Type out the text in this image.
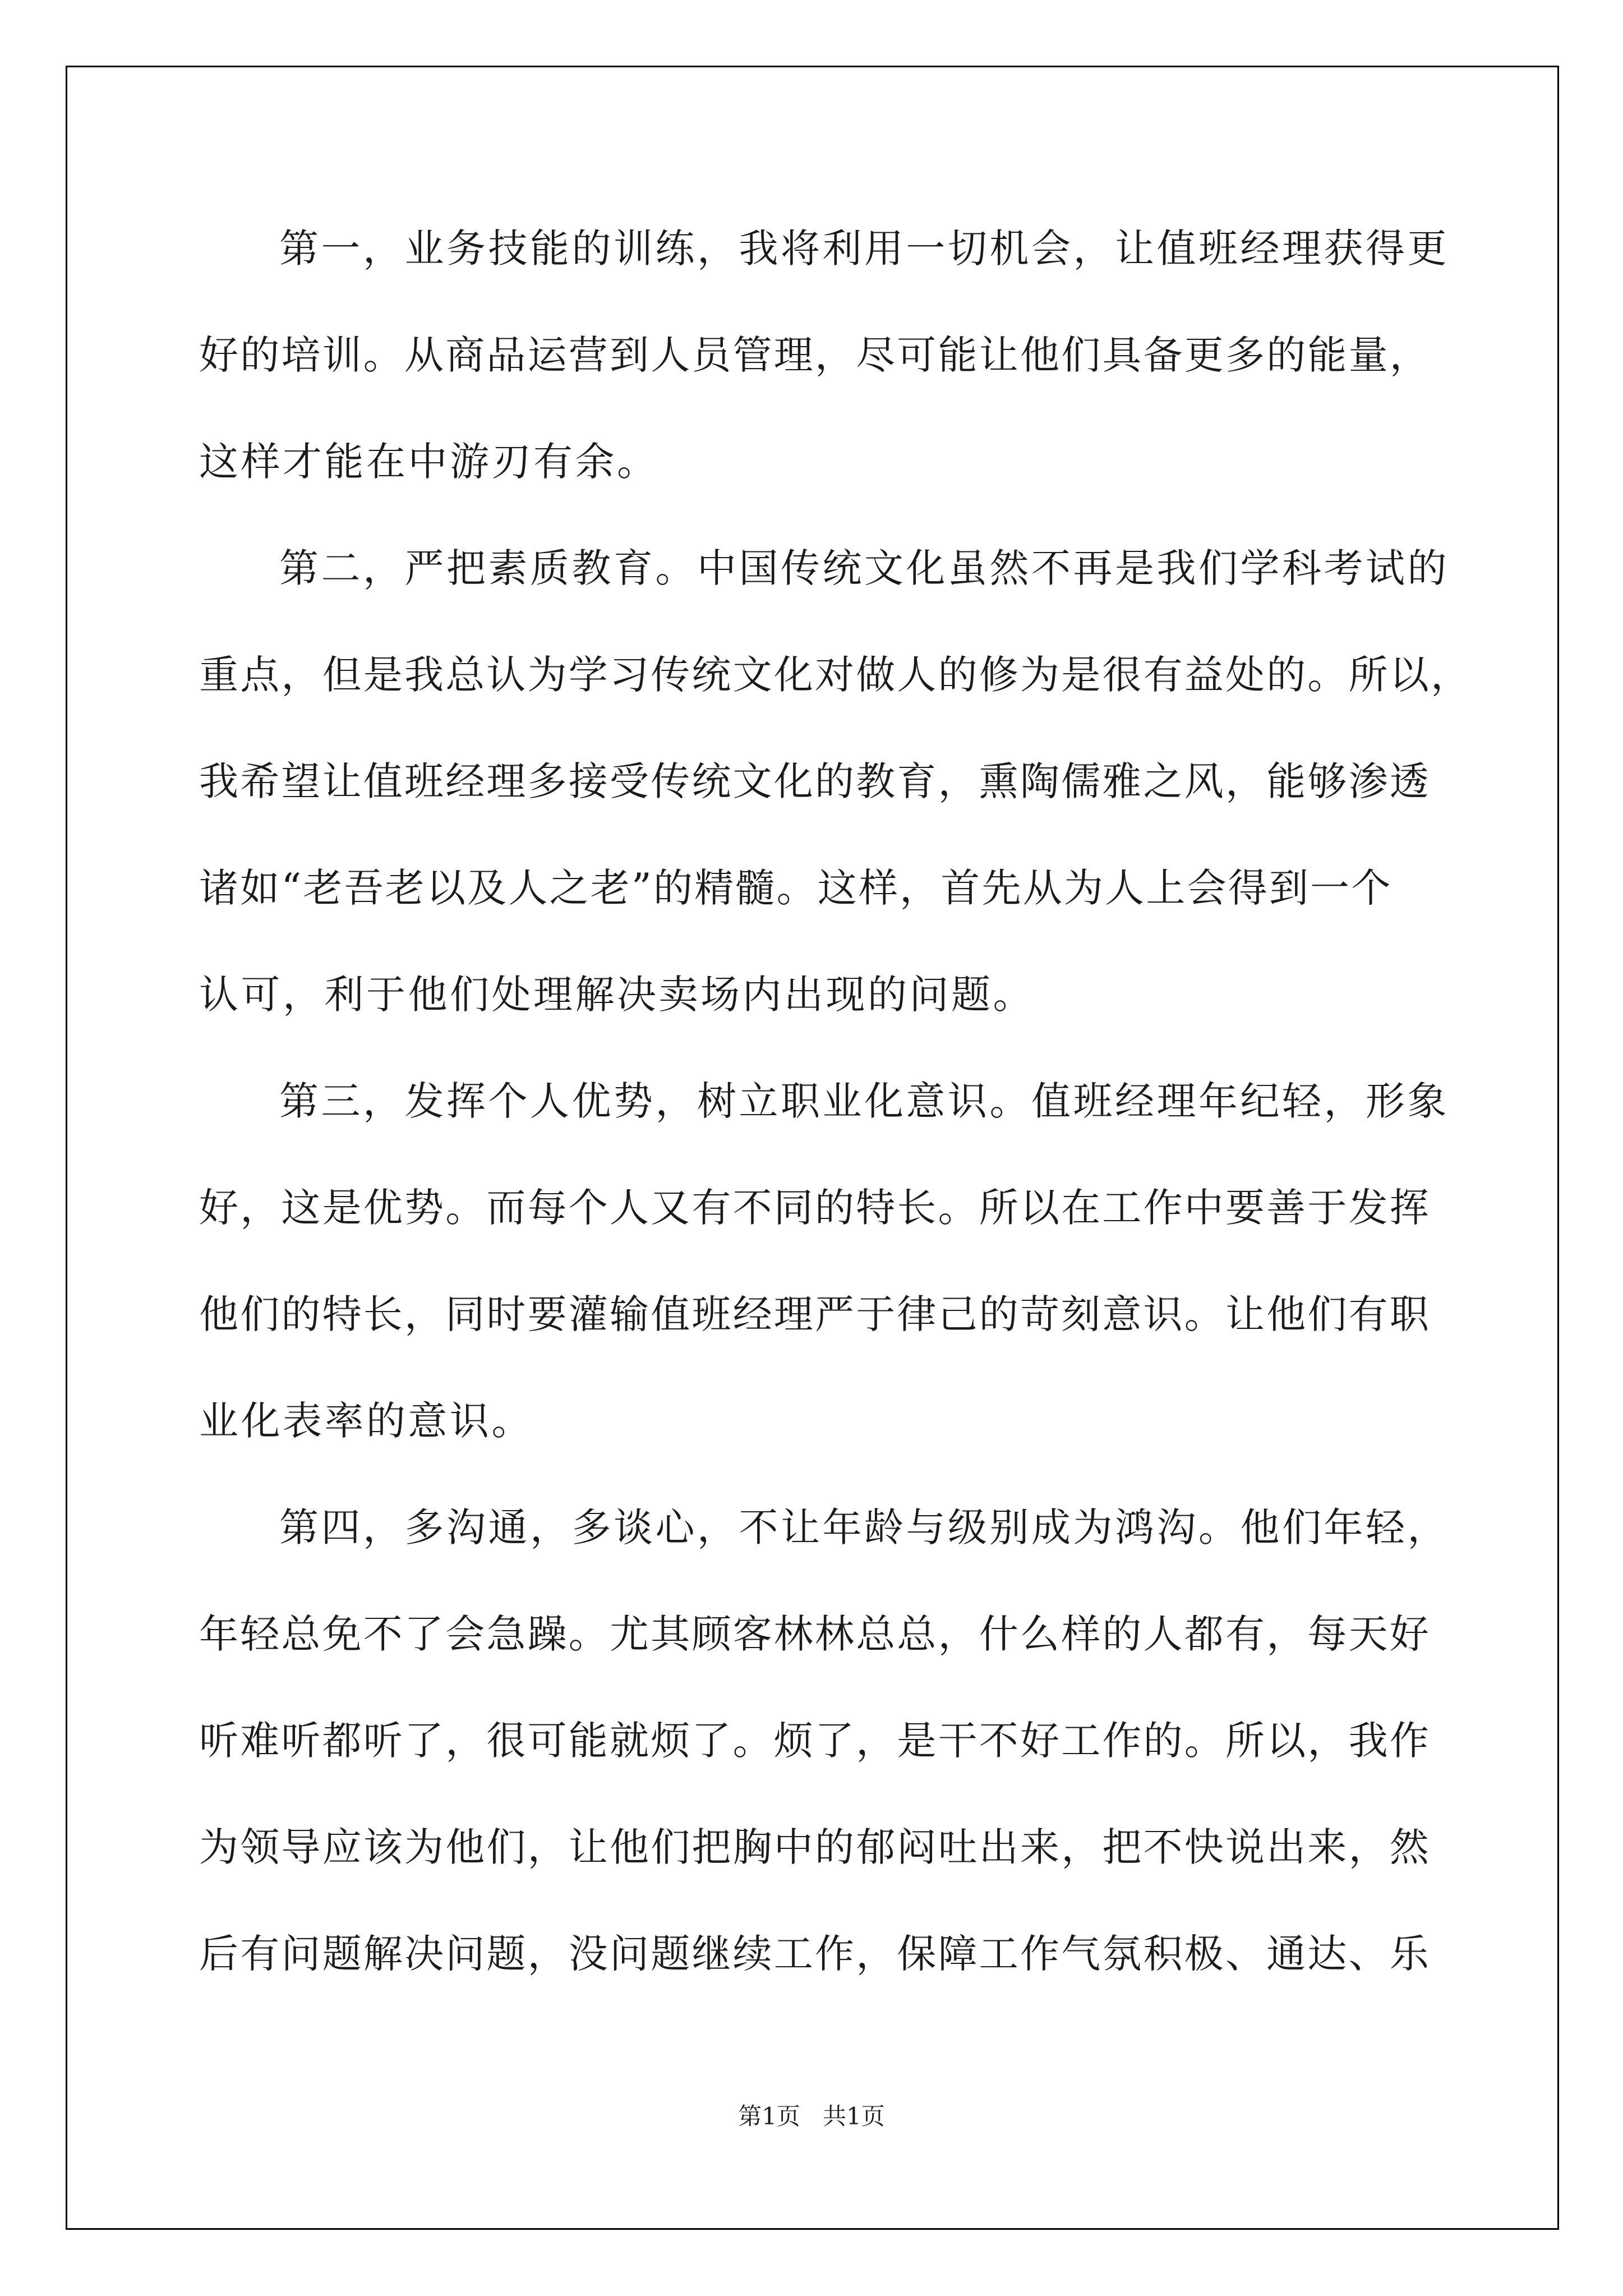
第一，业务技能的训练，我将利用一切机会，让值班经理获得更
好的培训。从商品运营到人员管理，尽可能让他们具备更多的能量，
这样才能在中游刃有余。
第二，严把素质教育。中国传统文化虽然不再是我们学科考试的
重点，但是我总认为学习传统文化对做人的修为是很有益处的。所以，
我希望让值班经理多接受传统文化的教育，熏陶儒雅之风，能够渗透
诸如“老吾老以及人之老”的精髓。这样，首先从为人上会得到一个
认可，利于他们处理解决卖场内出现的问题。
第三，发挥个人优势，树立职业化意识。值班经理年纪轻，形象
好，这是优势。而每个人又有不同的特长。所以在工作中要善于发挥
他们的特长，同时要灌输值班经理严于律己的苛刻意识。让他们有职
业化表率的意识。
第四，多沟通，多谈心，不让年龄与级别成为鸿沟。他们年轻，
年轻总免不了会急躁。尤其顾客林林总总，什么样的人都有，每天好
听难听都听了，很可能就烦了。烦了，是干不好工作的。所以，我作
为领导应该为他们，让他们把胸中的郁闷吐出来，把不快说出来，然
后有问题解决问题，没问题继续工作，保障工作气氛积极、通达、乐
第1页   共1页
